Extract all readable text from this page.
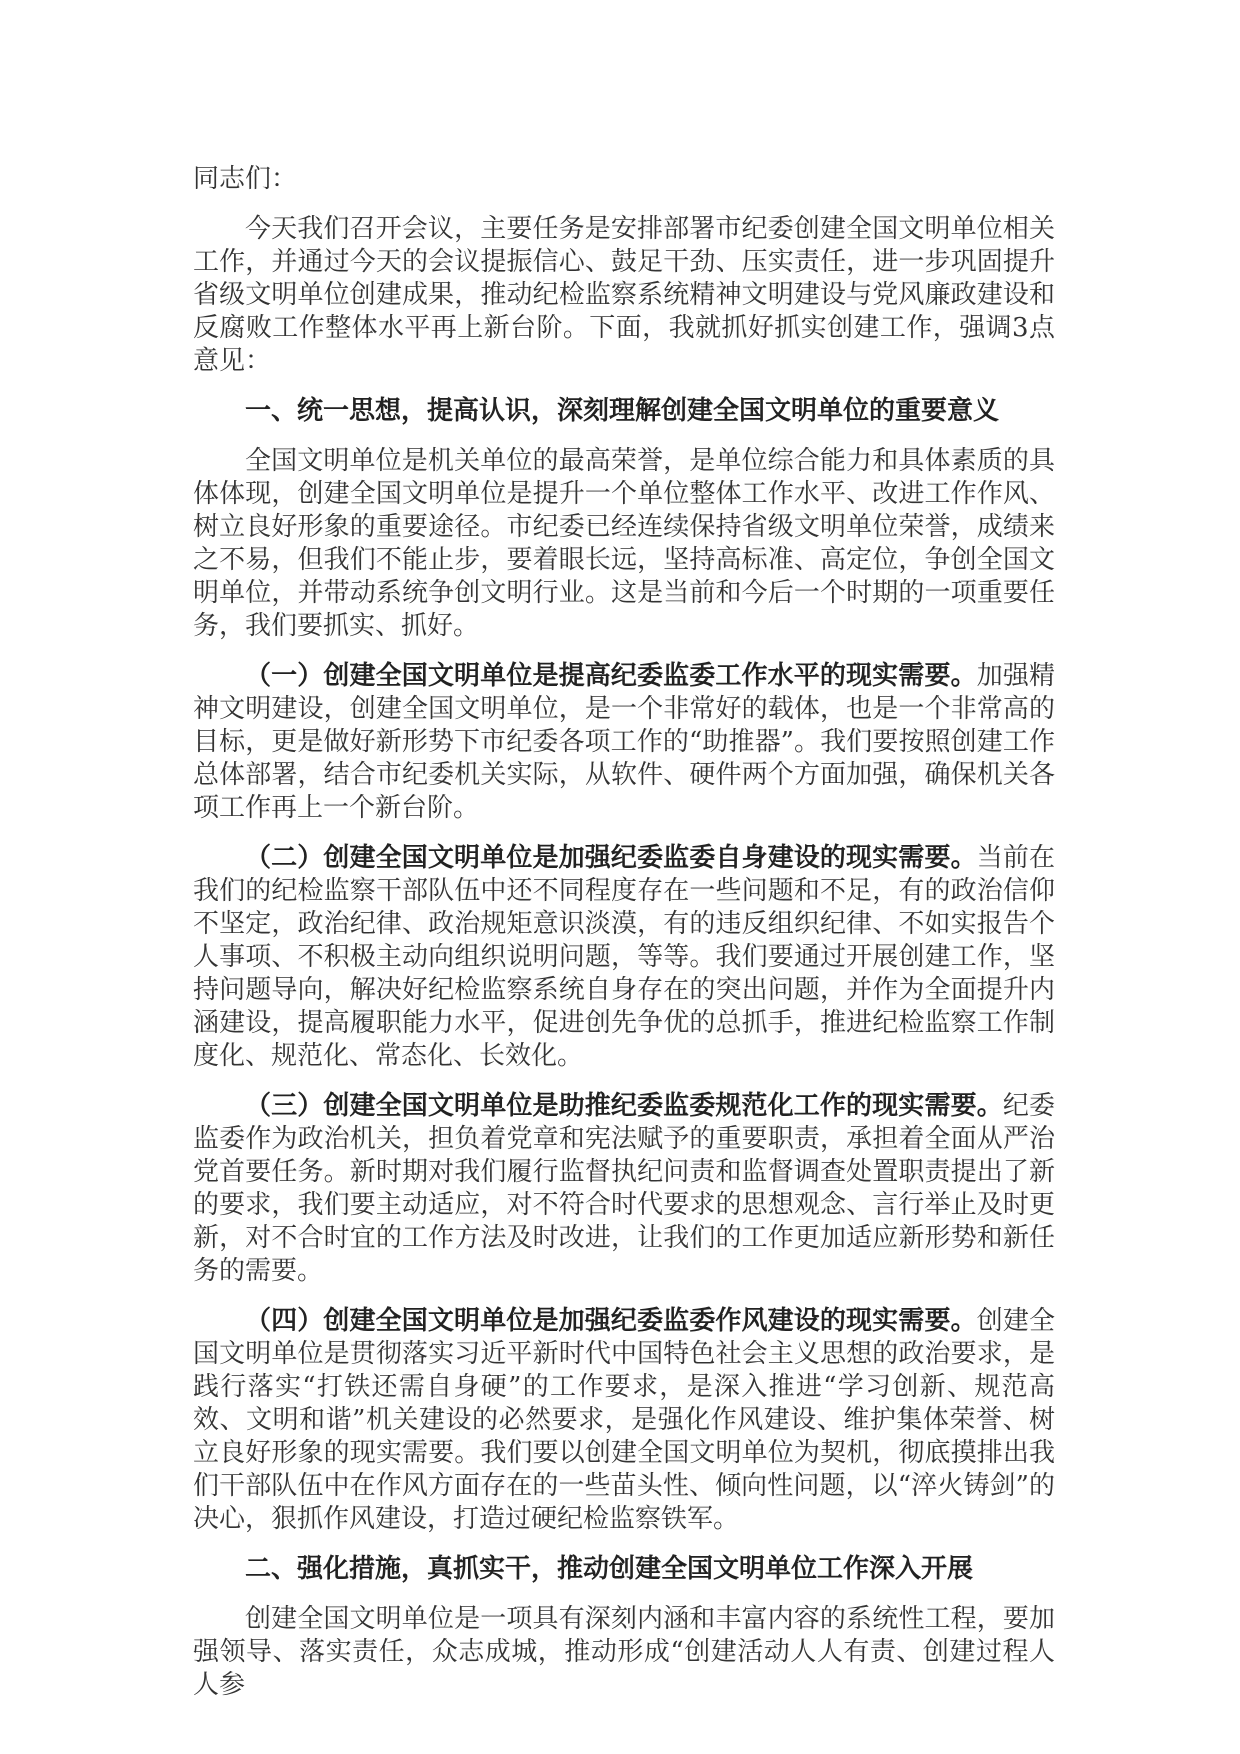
同志们：

今天我们召开会议，主要任务是安排部署市纪委创建全国文明单位相关工作，并通过今天的会议提振信心、鼓足干劲、压实责任，进一步巩固提升省级文明单位创建成果，推动纪检监察系统精神文明建设与党风廉政建设和反腐败工作整体水平再上新台阶。下面，我就抓好抓实创建工作，强调3点意见：

一、统一思想，提高认识，深刻理解创建全国文明单位的重要意义

全国文明单位是机关单位的最高荣誉，是单位综合能力和具体素质的具体体现，创建全国文明单位是提升一个单位整体工作水平、改进工作作风、树立良好形象的重要途径。市纪委已经连续保持省级文明单位荣誉，成绩来之不易，但我们不能止步，要着眼长远，坚持高标准、高定位，争创全国文明单位，并带动系统争创文明行业。这是当前和今后一个时期的一项重要任务，我们要抓实、抓好。

（一）创建全国文明单位是提高纪委监委工作水平的现实需要。加强精神文明建设，创建全国文明单位，是一个非常好的载体，也是一个非常高的目标，更是做好新形势下市纪委各项工作的“助推器”。我们要按照创建工作总体部署，结合市纪委机关实际，从软件、硬件两个方面加强，确保机关各项工作再上一个新台阶。

（二）创建全国文明单位是加强纪委监委自身建设的现实需要。当前在我们的纪检监察干部队伍中还不同程度存在一些问题和不足，有的政治信仰不坚定，政治纪律、政治规矩意识淡漠，有的违反组织纪律、不如实报告个人事项、不积极主动向组织说明问题，等等。我们要通过开展创建工作，坚持问题导向，解决好纪检监察系统自身存在的突出问题，并作为全面提升内涵建设，提高履职能力水平，促进创先争优的总抓手，推进纪检监察工作制度化、规范化、常态化、长效化。

（三）创建全国文明单位是助推纪委监委规范化工作的现实需要。纪委监委作为政治机关，担负着党章和宪法赋予的重要职责，承担着全面从严治党首要任务。新时期对我们履行监督执纪问责和监督调查处置职责提出了新的要求，我们要主动适应，对不符合时代要求的思想观念、言行举止及时更新，对不合时宜的工作方法及时改进，让我们的工作更加适应新形势和新任务的需要。

（四）创建全国文明单位是加强纪委监委作风建设的现实需要。创建全国文明单位是贯彻落实习近平新时代中国特色社会主义思想的政治要求，是践行落实“打铁还需自身硬”的工作要求，是深入推进“学习创新、规范高效、文明和谐”机关建设的必然要求，是强化作风建设、维护集体荣誉、树立良好形象的现实需要。我们要以创建全国文明单位为契机，彻底摸排出我们干部队伍中在作风方面存在的一些苗头性、倾向性问题，以“淬火铸剑”的决心，狠抓作风建设，打造过硬纪检监察铁军。

二、强化措施，真抓实干，推动创建全国文明单位工作深入开展

创建全国文明单位是一项具有深刻内涵和丰富内容的系统性工程，要加强领导、落实责任，众志成城，推动形成“创建活动人人有责、创建过程人人参
